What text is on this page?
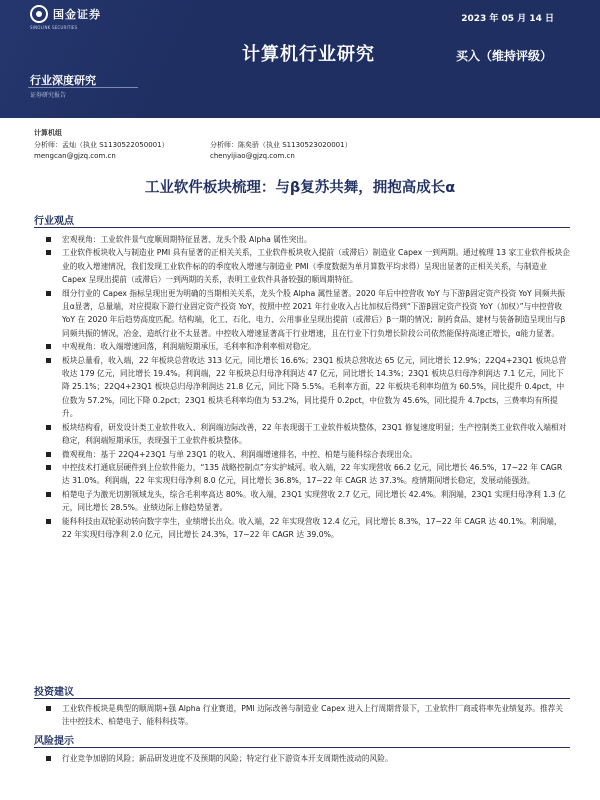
国金证券
SINOLINK SECURITIES
2023 年 05 月 14 日
计算机行业研究	买入（维持评级）
行业深度研究
证券研究报告
计算机组
分析师：孟灿（执业 S1130522050001）	分析师：陈矣骄（执业 S1130523020001）
mengcan@gjzq.com.cn	chenyijiao@gjzq.com.cn
工业软件板块梳理：与β复苏共舞，拥抱高成长α
行业观点
宏观视角：工业软件景气度顺周期特征显著、龙头个股 Alpha 属性突出。
工业软件板块收入与制造业 PMI 具有显著的正相关关系，工业软件板块收入提前（或滞后）制造业 Capex 一到两期。通过梳理 13 家工业软件板块企业的收入增速情况，我们发现工业软件标的的季度收入增速与制造业 PMI（季度数据为单月算数平均求得）呈现出显著的正相关关系，与制造业 Capex 呈现出提前（或滞后）一到两期的关系，表明工业软件具备较强的顺周期特征。
细分行业的 Capex 指标呈现出更为明确的当期相关关系，龙头个股 Alpha 属性显著。2020 年后中控营收 YoY 与下游β固定资产投资 YoY 同频共振且α显著，总量端，对应提取下游行业固定资产投资 YoY，按照中控 2021 年行业收入占比加权后得到“下游β固定资产投资 YoY（加权）”与中控营收 YoY 在 2020 年后趋势高度匹配。结构端，化工、石化、电力、公用事业呈现出提前（或滞后）β一期的情况；制药食品、建材与装备制造呈现出与β同频共振的情况，冶金、造纸行业不太显著。中控收入增速显著高于行业增速，且在行业下行负增长阶段公司依然能保持高速正增长，α能力显著。
中观视角：收入端增速回落，利润端短期承压，毛利率和净利率相对稳定。
板块总量看，收入端，22 年板块总营收达 313 亿元，同比增长 16.6%；23Q1 板块总营收达 65 亿元，同比增长 12.9%；22Q4+23Q1 板块总营收达 179 亿元，同比增长 19.4%。利润端，22 年板块总归母净利润达 47 亿元，同比增长 14.3%；23Q1 板块总归母净利润达 7.1 亿元，同比下降 25.1%；22Q4+23Q1 板块总归母净利润达 21.8 亿元，同比下降 5.5%。毛利率方面，22 年板块毛利率均值为 60.5%，同比提升 0.4pct，中位数为 57.2%，同比下降 0.2pct；23Q1 板块毛利率均值为 53.2%，同比提升 0.2pct，中位数为 45.6%，同比提升 4.7pcts，三费率均有所提升。
板块结构看，研发设计类工业软件收入、利润端边际改善，22 年表现弱于工业软件板块整体，23Q1 修复速度明显；生产控制类工业软件收入端相对稳定，利润端短期承压，表现强于工业软件板块整体。
微观视角：基于 22Q4+23Q1 与单 23Q1 的收入、利润端增速排名，中控、柏楚与能科综合表现出众。
中控技术打通底层硬件到上位软件能力，“135 战略控制点”夯实护城河。收入端，22 年实现营收 66.2 亿元，同比增长 46.5%，17~22 年 CAGR 达 31.0%。利润端，22 年实现归母净利 8.0 亿元，同比增长 36.8%，17~22 年 CAGR 达 37.3%。疫情期间增长稳定，发展动能强劲。
柏楚电子为激光切割领域龙头，综合毛利率高达 80%。收入端，23Q1 实现营收 2.7 亿元，同比增长 42.4%。利润端，23Q1 实现归母净利 1.3 亿元，同比增长 28.5%。业绩边际上修趋势显著。
能科科技由双轮驱动转向数字孪生，业绩增长出众。收入端，22 年实现营收 12.4 亿元，同比增长 8.3%，17~22 年 CAGR 达 40.1%。利润端，22 年实现归母净利 2.0 亿元，同比增长 24.3%，17~22 年 CAGR 达 39.0%。
投资建议
工业软件板块是典型的顺周期+强 Alpha 行业赛道，PMI 边际改善与制造业 Capex 进入上行周期背景下，工业软件厂商或将率先业绩复苏。推荐关注中控技术、柏楚电子、能科科技等。
风险提示
行业竞争加剧的风险；新品研发进度不及预期的风险；特定行业下游资本开支周期性波动的风险。
